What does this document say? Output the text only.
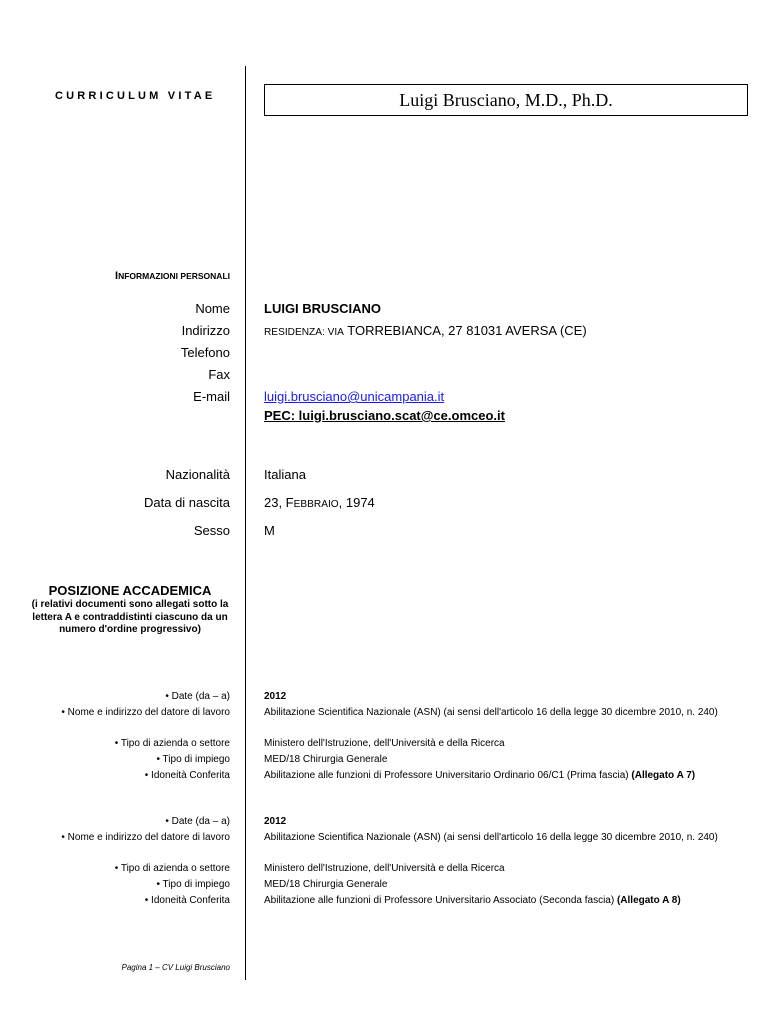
CURRICULUM VITAE	Luigi Brusciano, M.D., Ph.D.
INFORMAZIONI PERSONALI
Nome	LUIGI BRUSCIANO
Indirizzo	RESIDENZA: VIA TORREBIANCA, 27 81031 AVERSA (CE)
Telefono
Fax
E-mail	luigi.brusciano@unicampania.it
PEC: luigi.brusciano.scat@ce.omceo.it
Nazionalità	Italiana
Data di nascita	23, FEBBRAIO, 1974
Sesso	M
POSIZIONE ACCADEMICA
(i relativi documenti sono allegati sotto la lettera A e contraddistinti ciascuno da un numero d'ordine progressivo)
• Date (da – a)	2012
• Nome e indirizzo del datore di lavoro	Abilitazione Scientifica Nazionale (ASN) (ai sensi dell'articolo 16 della legge 30 dicembre 2010, n. 240)
• Tipo di azienda o settore	Ministero dell'Istruzione, dell'Università e della Ricerca
• Tipo di impiego	MED/18 Chirurgia Generale
• Idoneità Conferita	Abilitazione alle funzioni di Professore Universitario Ordinario 06/C1 (Prima fascia) (Allegato A 7)
• Date (da – a)	2012
• Nome e indirizzo del datore di lavoro	Abilitazione Scientifica Nazionale (ASN) (ai sensi dell'articolo 16 della legge 30 dicembre 2010, n. 240)
• Tipo di azienda o settore	Ministero dell'Istruzione, dell'Università e della Ricerca
• Tipo di impiego	MED/18 Chirurgia Generale
• Idoneità Conferita	Abilitazione alle funzioni di Professore Universitario Associato (Seconda fascia) (Allegato A 8)
Pagina 1 – CV Luigi Brusciano
